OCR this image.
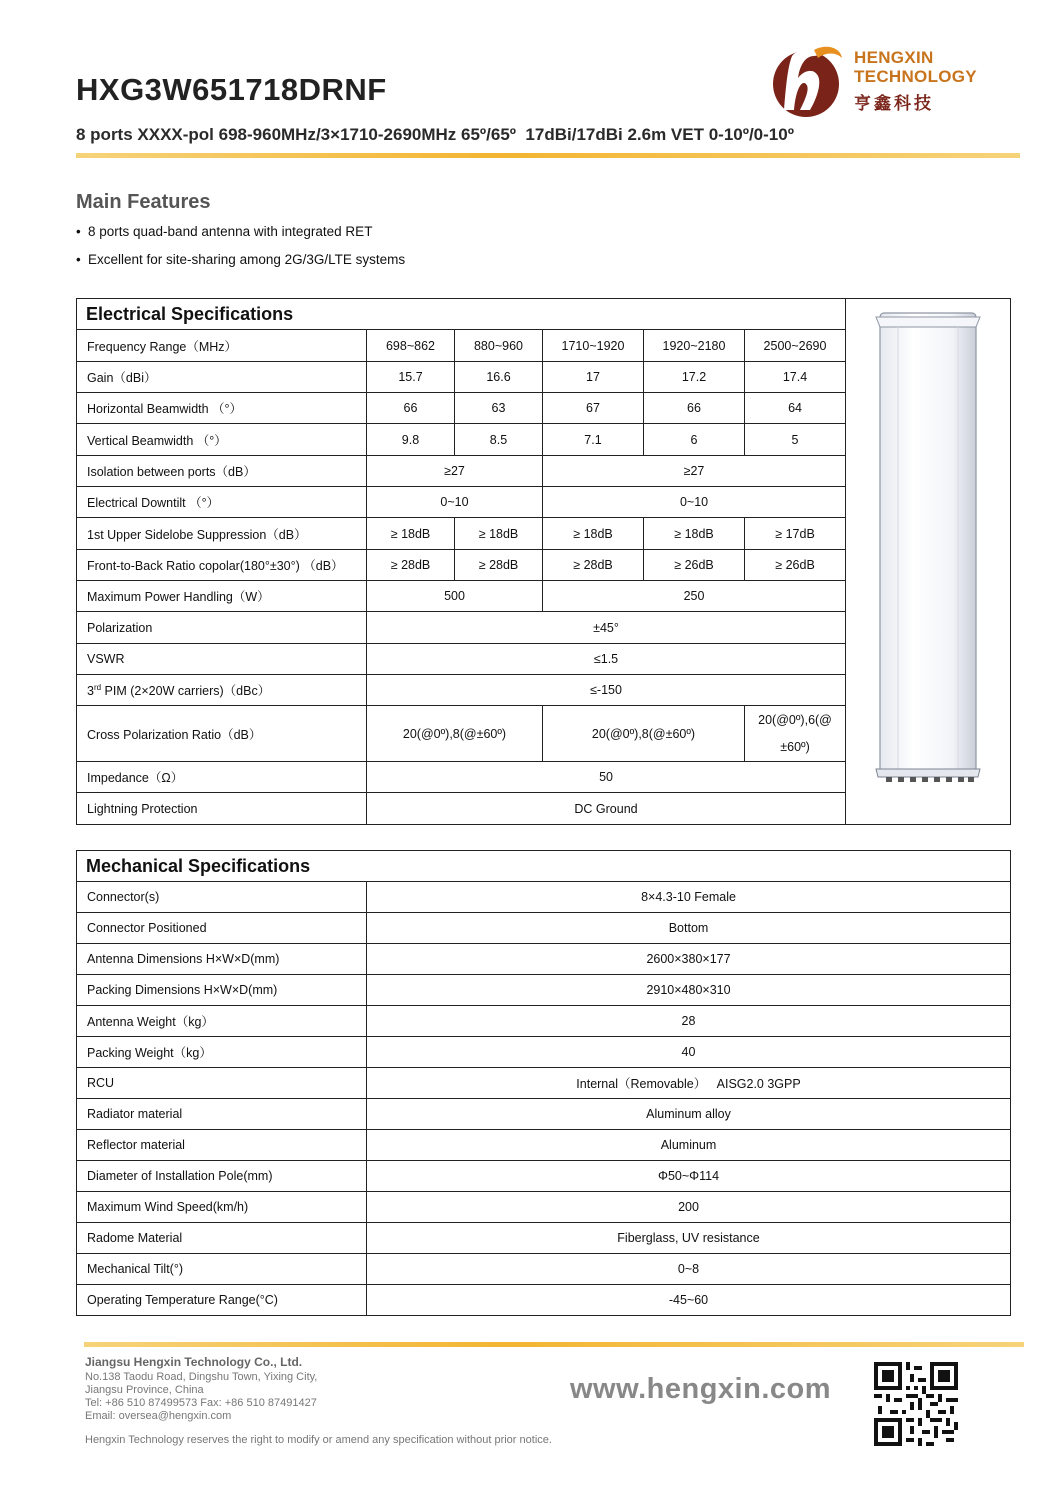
HXG3W651718DRNF
8 ports XXXX-pol 698-960MHz/3×1710-2690MHz 65º/65º  17dBi/17dBi 2.6m VET 0-10º/0-10º
HENGXIN
TECHNOLOGY
亨鑫科技
Main Features
• 8 ports quad-band antenna with integrated RET
• Excellent for site-sharing among 2G/3G/LTE systems
Electrical Specifications	
Frequency Range（MHz）	698~862	880~960	1710~1920	1920~2180	2500~2690	
Gain（dBi）	15.7	16.6	17	17.2	17.4	
Horizontal Beamwidth （°）	66	63	67	66	64	
Vertical Beamwidth （°）	9.8	8.5	7.1	6	5	
Isolation between ports（dB）	≥27		≥27			
Electrical Downtilt （°）	0~10		0~10			
1st Upper Sidelobe Suppression（dB）	≥ 18dB	≥ 18dB	≥ 18dB	≥ 18dB	≥ 17dB	
Front-to-Back Ratio copolar(180°±30°) （dB）	≥ 28dB	≥ 28dB	≥ 28dB	≥ 26dB	≥ 26dB	
Maximum Power Handling（W）	500		250			
Polarization	±45°					
VSWR	≤1.5					
3rd PIM (2×20W carriers)（dBc）	≤-150					
Cross Polarization Ratio（dB）	20(@0º),8(@±60º)		20(@0º),8(@±60º)		20(@0º),6(@
±60º)	
Impedance（Ω）	50					
Lightning Protection	DC Ground					
Mechanical Specifications	
Connector(s)	8×4.3-10 Female
Connector Positioned	Bottom
Antenna Dimensions H×W×D(mm)	2600×380×177
Packing Dimensions H×W×D(mm)	2910×480×310
Antenna Weight（kg）	28
Packing Weight（kg）	40
RCU	Internal（Removable）   AISG2.0 3GPP
Radiator material	Aluminum alloy
Reflector material	Aluminum
Diameter of Installation Pole(mm)	Φ50~Φ114
Maximum Wind Speed(km/h)	200
Radome Material	Fiberglass, UV resistance
Mechanical Tilt(°)	0~8
Operating Temperature Range(°C)	-45~60
Jiangsu Hengxin Technology Co., Ltd.
No.138 Taodu Road, Dingshu Town, Yixing City,
Jiangsu Province, China
Tel: +86 510 87499573 Fax: +86 510 87491427
Email: oversea@hengxin.com
Hengxin Technology reserves the right to modify or amend any specification without prior notice.
www.hengxin.com
